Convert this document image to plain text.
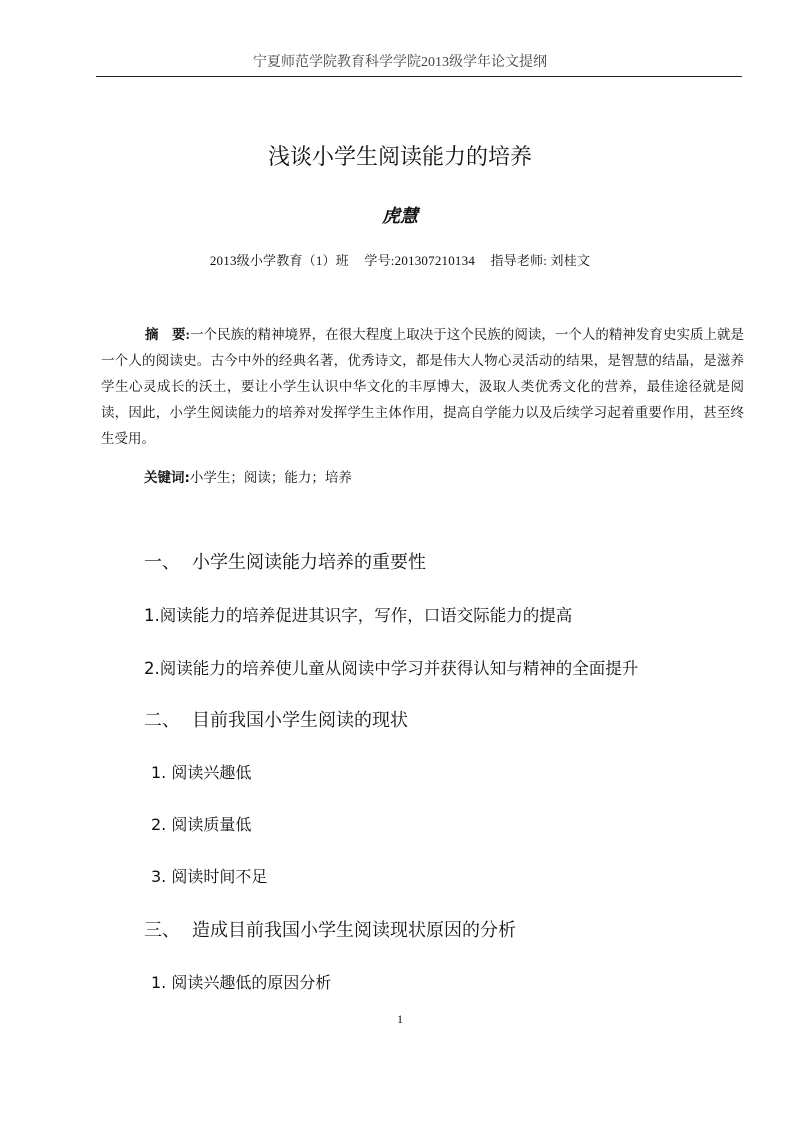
宁夏师范学院教育科学学院2013级学年论文提纲
浅谈小学生阅读能力的培养
虎慧
2013级小学教育（1）班 学号:201307210134 指导老师: 刘桂文
摘　要:一个民族的精神境界，在很大程度上取决于这个民族的阅读，一个人的精神发育史实质上就是一个人的阅读史。古今中外的经典名著，优秀诗文，都是伟大人物心灵活动的结果，是智慧的结晶，是滋养学生心灵成长的沃土，要让小学生认识中华文化的丰厚博大，汲取人类优秀文化的营养，最佳途径就是阅读，因此，小学生阅读能力的培养对发挥学生主体作用，提高自学能力以及后续学习起着重要作用，甚至终生受用。
关键词:小学生；阅读；能力；培养
一、 小学生阅读能力培养的重要性
1.阅读能力的培养促进其识字，写作，口语交际能力的提高
2.阅读能力的培养使儿童从阅读中学习并获得认知与精神的全面提升
二、 目前我国小学生阅读的现状
1. 阅读兴趣低
2. 阅读质量低
3. 阅读时间不足
三、 造成目前我国小学生阅读现状原因的分析
1. 阅读兴趣低的原因分析
1
